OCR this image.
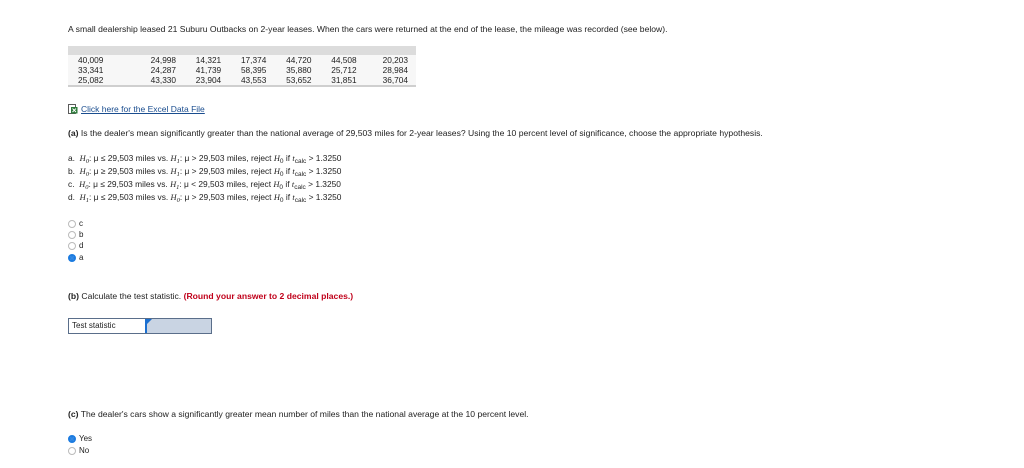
A small dealership leased 21 Suburu Outbacks on 2-year leases. When the cars were returned at the end of the lease, the mileage was recorded (see below).

40,009	24,998	14,321	17,374	44,720	44,508	20,203
33,341	24,287	41,739	58,395	35,880	25,712	28,984
25,082	43,330	23,904	43,553	53,652	31,851	36,704
Click here for the Excel Data File
(a) Is the dealer's mean significantly greater than the national average of 29,503 miles for 2-year leases? Using the 10 percent level of significance, choose the appropriate hypothesis.
a. $H_0$: μ ≤ 29,503 miles vs. $H_1$: μ > 29,503 miles, reject $H_0$ if $t_{calc} > 1.3250$
b. $H_0$: μ ≥ 29,503 miles vs. $H_1$: μ > 29,503 miles, reject $H_0$ if $t_{calc} > 1.3250$
c. $H_0$: μ ≤ 29,503 miles vs. $H_1$: μ < 29,503 miles, reject $H_0$ if $t_{calc} > 1.3250$
d. $H_1$: μ ≤ 29,503 miles vs. $H_0$: μ > 29,503 miles, reject $H_0$ if $t_{calc} > 1.3250$
c
b
d
a
(b) Calculate the test statistic. (Round your answer to 2 decimal places.)
Test statistic
(c) The dealer's cars show a significantly greater mean number of miles than the national average at the 10 percent level.
Yes
No
